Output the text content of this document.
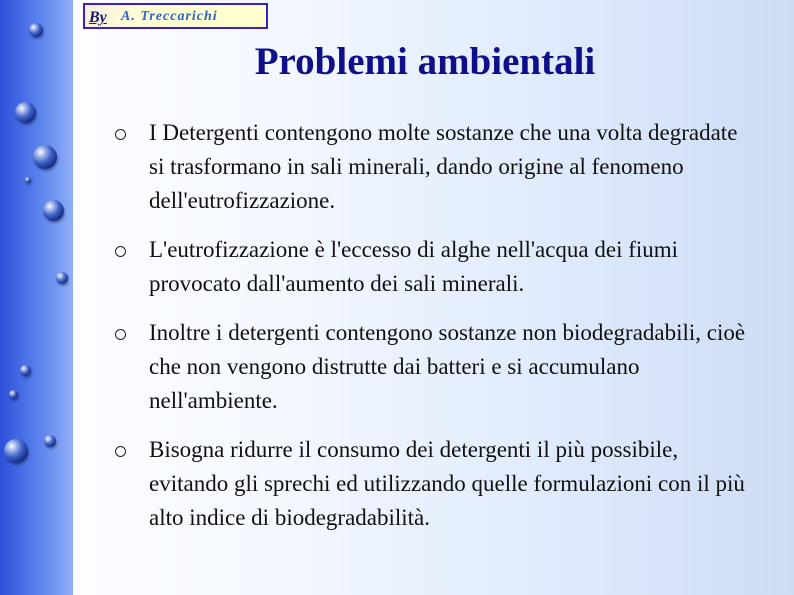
By A. Treccarichi
Problemi ambientali
I Detergenti contengono molte sostanze che una volta degradate si trasformano in sali minerali, dando origine al fenomeno dell'eutrofizzazione.
L'eutrofizzazione è l'eccesso di alghe nell'acqua dei fiumi provocato dall'aumento dei sali minerali.
Inoltre i detergenti contengono sostanze non biodegradabili, cioè che non vengono distrutte dai batteri e si accumulano nell'ambiente.
Bisogna ridurre il consumo dei detergenti il più possibile, evitando gli sprechi ed utilizzando quelle formulazioni con il più alto indice di biodegradabilità.
